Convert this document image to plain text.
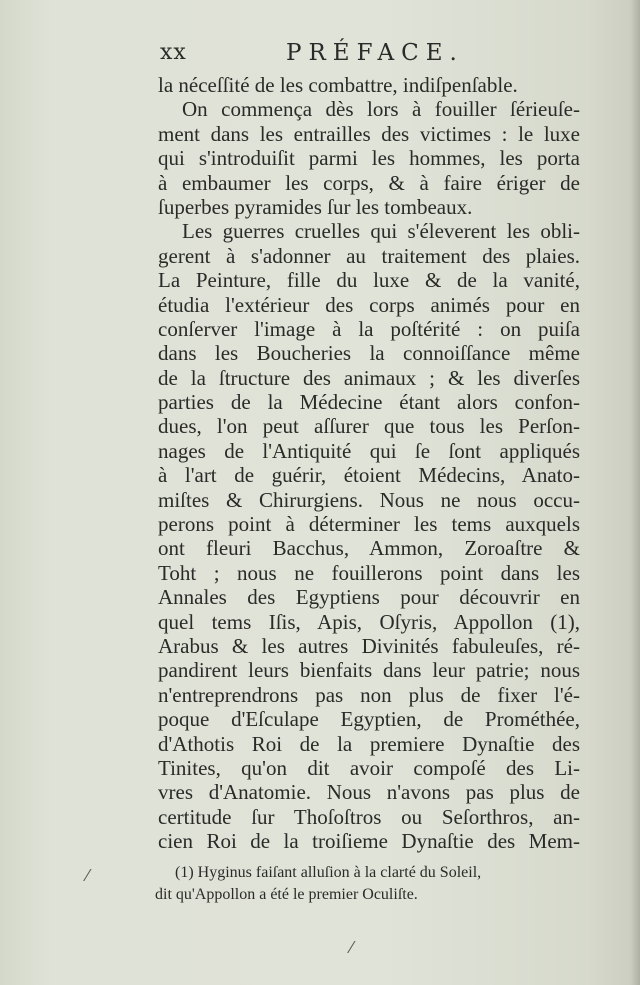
xx	PRÉFACE.
la néceſſité de les combattre, indiſpenſable.
On commença dès lors à fouiller ſérieuſe-
ment dans les entrailles des victimes : le luxe
qui s'introduiſit parmi les hommes, les porta
à embaumer les corps, & à faire ériger de
ſuperbes pyramides ſur les tombeaux.
Les guerres cruelles qui s'éleverent les obli-
gerent à s'adonner au traitement des plaies.
La Peinture, fille du luxe & de la vanité,
étudia l'extérieur des corps animés pour en
conſerver l'image à la poſtérité : on puiſa
dans les Boucheries la connoiſſance même
de la ſtructure des animaux ; & les diverſes
parties de la Médecine étant alors confon-
dues, l'on peut aſſurer que tous les Perſon-
nages de l'Antiquité qui ſe ſont appliqués
à l'art de guérir, étoient Médecins, Anato-
miſtes & Chirurgiens. Nous ne nous occu-
perons point à déterminer les tems auxquels
ont fleuri Bacchus, Ammon, Zoroaſtre &
Toht ; nous ne fouillerons point dans les
Annales des Egyptiens pour découvrir en
quel tems Iſis, Apis, Oſyris, Appollon (1),
Arabus & les autres Divinités fabuleuſes, ré-
pandirent leurs bienfaits dans leur patrie; nous
n'entreprendrons pas non plus de fixer l'é-
poque d'Eſculape Egyptien, de Prométhée,
d'Athotis Roi de la premiere Dynaſtie des
Tinites, qu'on dit avoir compoſé des Li-
vres d'Anatomie. Nous n'avons pas plus de
certitude ſur Thoſoſtros ou Seſorthros, an-
cien Roi de la troiſieme Dynaſtie des Mem-
(1) Hyginus faiſant alluſion à la clarté du Soleil,
dit qu'Appollon a été le premier Oculiſte.
⁄
⁄
